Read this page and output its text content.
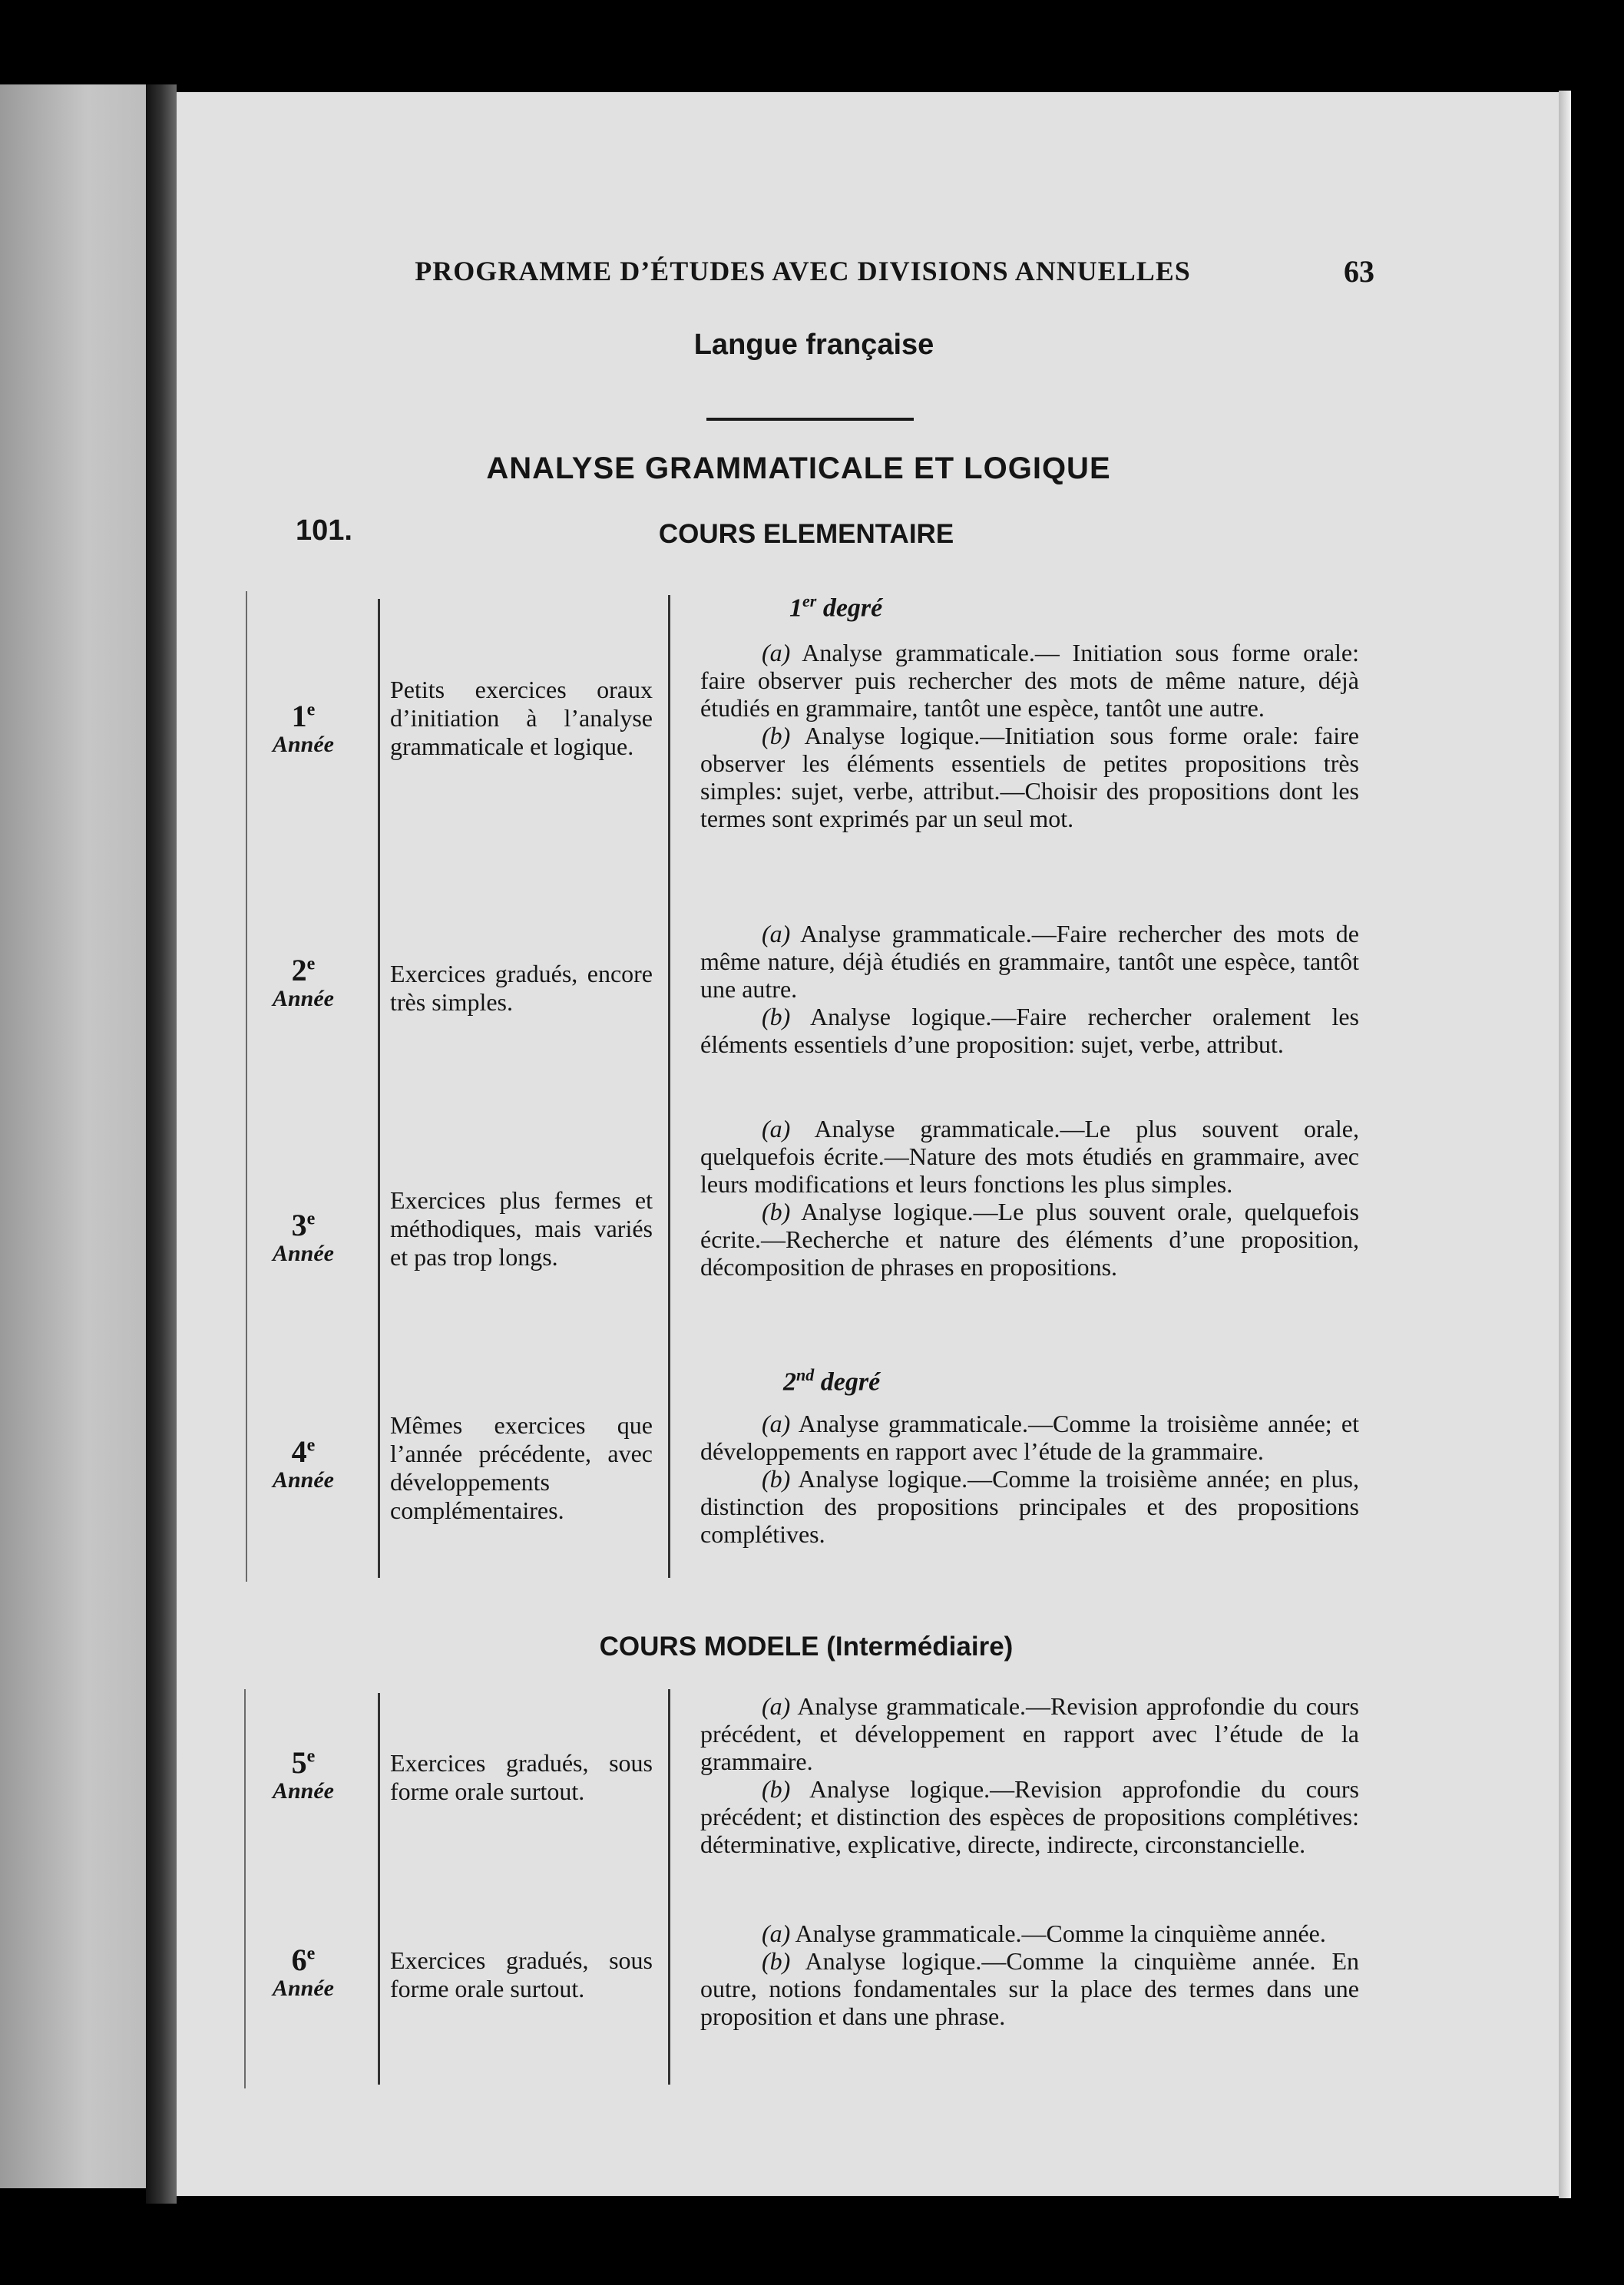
PROGRAMME D’ÉTUDES AVEC DIVISIONS ANNUELLES	63
Langue française
ANALYSE GRAMMATICALE ET LOGIQUE
101.	COURS ELEMENTAIRE
1er degré
1e
Année
Petits exercices oraux d’initiation à l’analyse grammaticale et logique.

(a) Analyse grammaticale.— Initiation sous forme orale: faire observer puis rechercher des mots de même nature, déjà étudiés en grammaire, tantôt une espèce, tantôt une autre.

(b) Analyse logique.—Initiation sous forme orale: faire observer les éléments essentiels de petites propositions très simples: sujet, verbe, attribut.—Choisir des propositions dont les termes sont exprimés par un seul mot.

2e
Année
Exercices gradués, encore très simples.

(a) Analyse grammaticale.—Faire rechercher des mots de même nature, déjà étudiés en grammaire, tantôt une espèce, tantôt une autre.

(b) Analyse logique.—Faire rechercher oralement les éléments essentiels d’une proposition: sujet, verbe, attribut.

3e
Année
Exercices plus fermes et méthodiques, mais variés et pas trop longs.

(a) Analyse grammaticale.—Le plus souvent orale, quelquefois écrite.—Nature des mots étudiés en grammaire, avec leurs modifications et leurs fonctions les plus simples.

(b) Analyse logique.—Le plus souvent orale, quelquefois écrite.—Recherche et nature des éléments d’une proposition, décomposition de phrases en propositions.

2nd degré
4e
Année
Mêmes exercices que l’année précédente, avec développements complémentaires.

(a) Analyse grammaticale.—Comme la troisième année; et développements en rapport avec l’étude de la grammaire.

(b) Analyse logique.—Comme la troisième année; en plus, distinction des propositions principales et des propositions complétives.

COURS MODELE (Intermédiaire)
5e
Année
Exercices gradués, sous forme orale surtout.

(a) Analyse grammaticale.—Revision approfondie du cours précédent, et développement en rapport avec l’étude de la grammaire.

(b) Analyse logique.—Revision approfondie du cours précédent; et distinction des espèces de propositions complétives: déterminative, explicative, directe, indirecte, circonstancielle.

6e
Année
Exercices gradués, sous forme orale surtout.

(a) Analyse grammaticale.—Comme la cinquième année.

(b) Analyse logique.—Comme la cinquième année. En outre, notions fondamentales sur la place des termes dans une proposition et dans une phrase.
